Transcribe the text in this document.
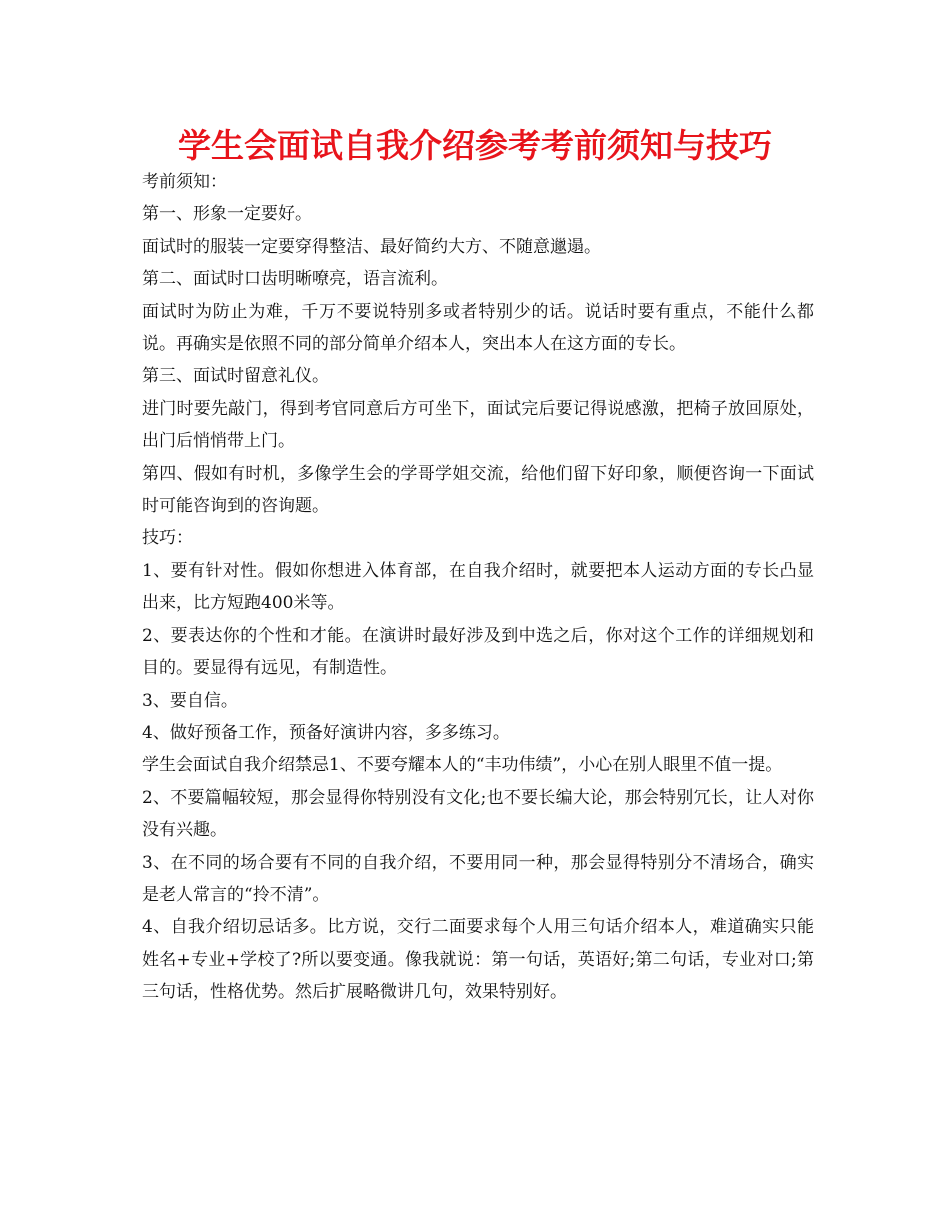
学生会面试自我介绍参考考前须知与技巧
考前须知：
第一、形象一定要好。
面试时的服装一定要穿得整洁、最好简约大方、不随意邋遢。
第二、面试时口齿明晰嘹亮，语言流利。
面试时为防止为难，千万不要说特别多或者特别少的话。说话时要有重点，不能什么都说。再确实是依照不同的部分简单介绍本人，突出本人在这方面的专长。
第三、面试时留意礼仪。
进门时要先敲门，得到考官同意后方可坐下，面试完后要记得说感激，把椅子放回原处，出门后悄悄带上门。
第四、假如有时机，多像学生会的学哥学姐交流，给他们留下好印象，顺便咨询一下面试时可能咨询到的咨询题。
技巧：
1、要有针对性。假如你想进入体育部，在自我介绍时，就要把本人运动方面的专长凸显出来，比方短跑400米等。
2、要表达你的个性和才能。在演讲时最好涉及到中选之后，你对这个工作的详细规划和目的。要显得有远见，有制造性。
3、要自信。
4、做好预备工作，预备好演讲内容，多多练习。
学生会面试自我介绍禁忌1、不要夸耀本人的“丰功伟绩”，小心在别人眼里不值一提。
2、不要篇幅较短，那会显得你特别没有文化;也不要长编大论，那会特别冗长，让人对你没有兴趣。
3、在不同的场合要有不同的自我介绍，不要用同一种，那会显得特别分不清场合，确实是老人常言的“拎不清”。
4、自我介绍切忌话多。比方说，交行二面要求每个人用三句话介绍本人，难道确实只能姓名+专业+学校了?所以要变通。像我就说：第一句话，英语好;第二句话，专业对口;第三句话，性格优势。然后扩展略微讲几句，效果特别好。
